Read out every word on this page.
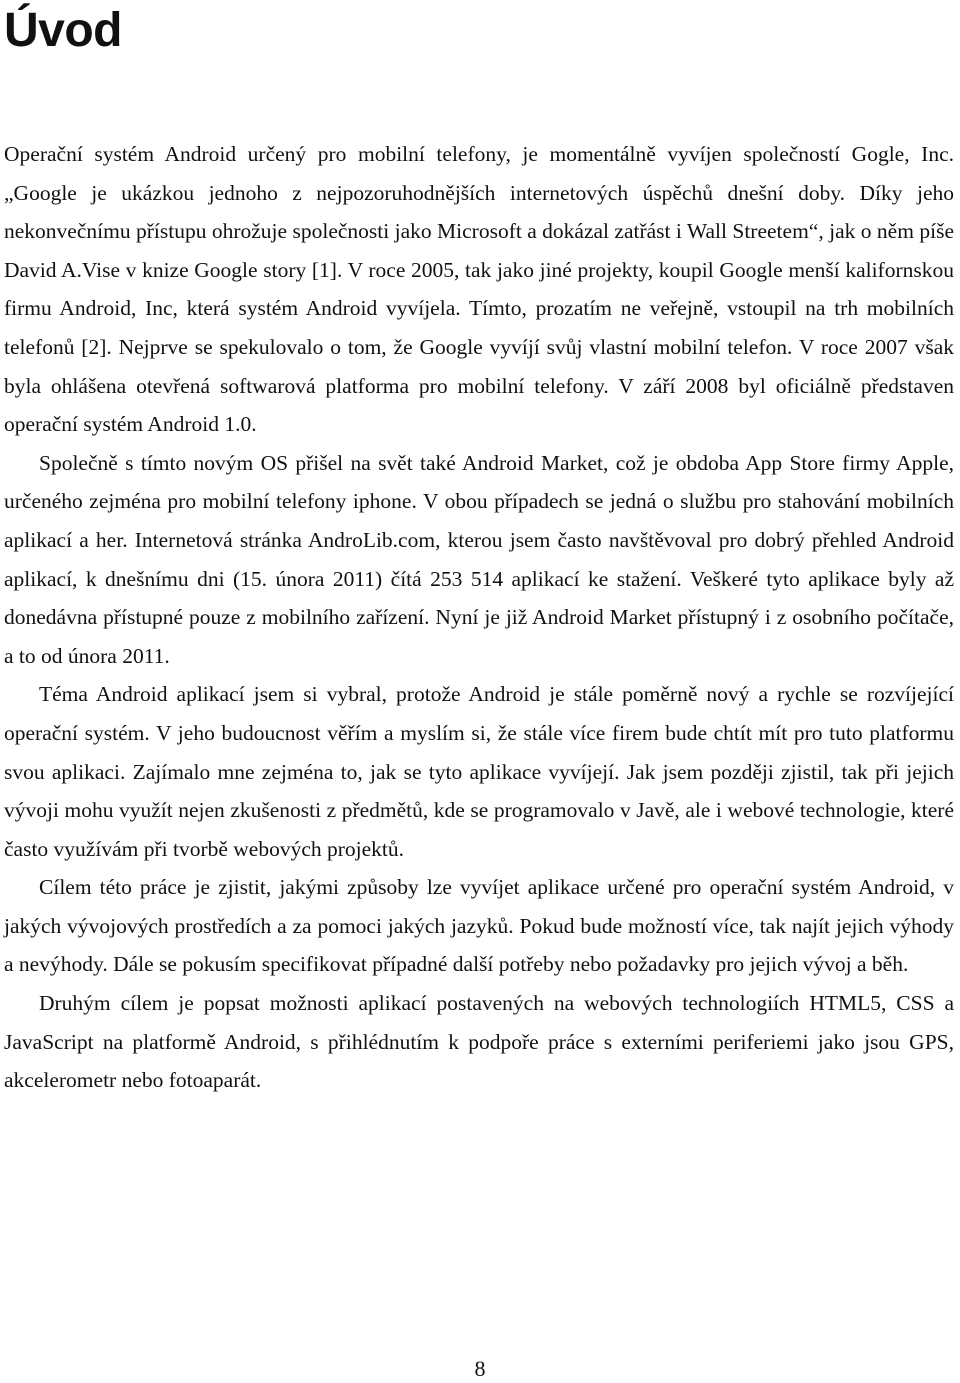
Úvod

Operační systém Android určený pro mobilní telefony, je momentálně vyvíjen společností Gogle, Inc. „Google je ukázkou jednoho z nejpozoruhodnějších internetových úspěchů dnešní doby. Díky jeho nekonvečnímu přístupu ohrožuje společnosti jako Microsoft a dokázal zatřást i Wall Streetem“, jak o něm píše David A.Vise v knize Google story [1]. V roce 2005, tak jako jiné projekty, koupil Google menší kalifornskou firmu Android, Inc, která systém Android vyvíjela. Tímto, prozatím ne veřejně, vstoupil na trh mobilních telefonů [2]. Nejprve se spekulovalo o tom, že Google vyvíjí svůj vlastní mobilní telefon. V roce 2007 však byla ohlášena otevřená softwarová platforma pro mobilní telefony. V září 2008 byl oficiálně představen operační systém Android 1.0.

Společně s tímto novým OS přišel na svět také Android Market, což je obdoba App Store firmy Apple, určeného zejména pro mobilní telefony iphone. V obou případech se jedná o službu pro stahování mobilních aplikací a her. Internetová stránka AndroLib.com, kterou jsem často navštěvoval pro dobrý přehled Android aplikací, k dnešnímu dni (15. února 2011) čítá 253 514 aplikací ke stažení. Veškeré tyto aplikace byly až donedávna přístupné pouze z mobilního zařízení. Nyní je již Android Market přístupný i z osobního počítače, a to od února 2011.

Téma Android aplikací jsem si vybral, protože Android je stále poměrně nový a rychle se rozvíjející operační systém. V jeho budoucnost věřím a myslím si, že stále více firem bude chtít mít pro tuto platformu svou aplikaci. Zajímalo mne zejména to, jak se tyto aplikace vyvíjejí. Jak jsem později zjistil, tak při jejich vývoji mohu využít nejen zkušenosti z předmětů, kde se programovalo v Javě, ale i webové technologie, které často využívám při tvorbě webových projektů.

Cílem této práce je zjistit, jakými způsoby lze vyvíjet aplikace určené pro operační systém Android, v jakých vývojových prostředích a za pomoci jakých jazyků. Pokud bude možností více, tak najít jejich výhody a nevýhody. Dále se pokusím specifikovat případné další potřeby nebo požadavky pro jejich vývoj a běh.

Druhým cílem je popsat možnosti aplikací postavených na webových technologiích HTML5, CSS a JavaScript na platformě Android, s přihlédnutím k podpoře práce s externími periferiemi jako jsou GPS, akcelerometr nebo fotoaparát.

8
